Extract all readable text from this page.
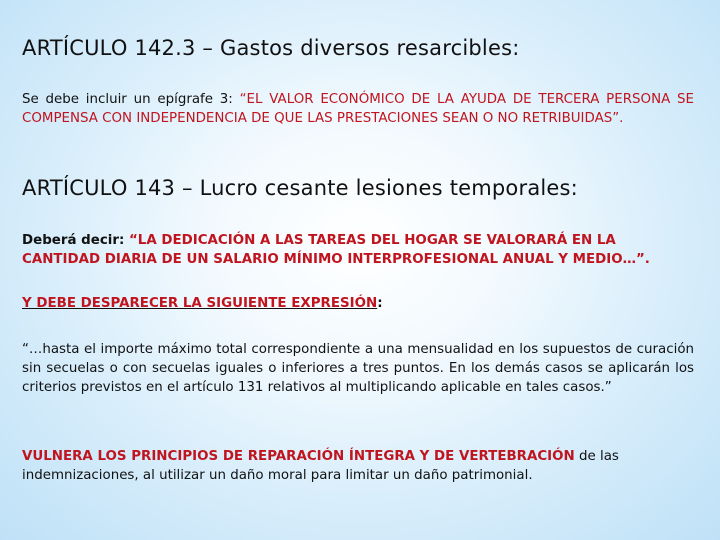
ARTÍCULO 142.3 – Gastos diversos resarcibles:
Se debe incluir un epígrafe 3: “EL VALOR ECONÓMICO DE LA AYUDA DE TERCERA PERSONA SE COMPENSA CON INDEPENDENCIA DE QUE LAS PRESTACIONES SEAN O NO RETRIBUIDAS”.
ARTÍCULO 143 – Lucro cesante lesiones temporales:
Deberá decir: “LA DEDICACIÓN A LAS TAREAS DEL HOGAR SE VALORARÁ EN LA CANTIDAD DIARIA DE UN SALARIO MÍNIMO INTERPROFESIONAL ANUAL Y MEDIO…”.
Y DEBE DESPARECER LA SIGUIENTE EXPRESIÓN:
“…hasta el importe máximo total correspondiente a una mensualidad en los supuestos de curación sin secuelas o con secuelas iguales o inferiores a tres puntos. En los demás casos se aplicarán los criterios previstos en el artículo 131 relativos al multiplicando aplicable en tales casos.”
VULNERA LOS PRINCIPIOS DE REPARACIÓN ÍNTEGRA Y DE VERTEBRACIÓN de las indemnizaciones, al utilizar un daño moral para limitar un daño patrimonial.
